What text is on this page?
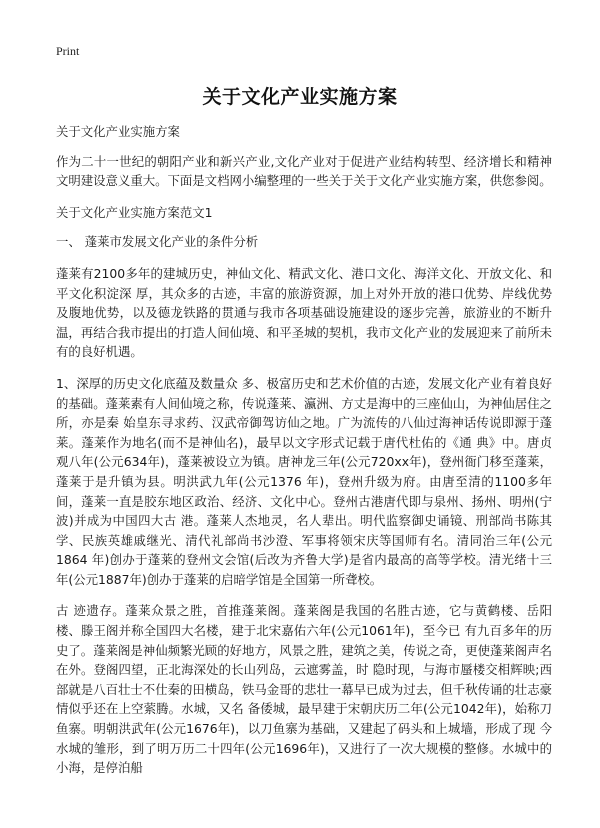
Print
关于文化产业实施方案

关于文化产业实施方案

作为二十一世纪的朝阳产业和新兴产业,文化产业对于促进产业结构转型、经济增长和精神文明建设意义重大。下面是文档网小编整理的一些关于关于文化产业实施方案，供您参阅。

关于文化产业实施方案范文1

一、 蓬莱市发展文化产业的条件分析

蓬莱有2100多年的建城历史，神仙文化、精武文化、港口文化、海洋文化、开放文化、和平文化积淀深 厚，其众多的古迹，丰富的旅游资源，加上对外开放的港口优势、岸线优势及腹地优势，以及德龙铁路的贯通与我市各项基础设施建设的逐步完善，旅游业的不断升 温，再结合我市提出的打造人间仙境、和平圣城的契机，我市文化产业的发展迎来了前所未有的良好机遇。

1、深厚的历史文化底蕴及数量众 多、极富历史和艺术价值的古迹，发展文化产业有着良好的基础。蓬莱素有人间仙境之称，传说蓬莱、瀛洲、方丈是海中的三座仙山，为神仙居住之所，亦是秦 始皇东寻求药、汉武帝御驾访仙之地。广为流传的八仙过海神话传说即源于蓬莱。蓬莱作为地名(而不是神仙名)，最早以文字形式记载于唐代杜佑的《通 典》中。唐贞观八年(公元634年)，蓬莱被设立为镇。唐神龙三年(公元720xx年)，登州衙门移至蓬莱，蓬莱于是升镇为县。明洪武九年(公元1376 年)，登州升级为府。由唐至清的1100多年间，蓬莱一直是胶东地区政治、经济、文化中心。登州古港唐代即与泉州、扬州、明州(宁波)并成为中国四大古 港。蓬莱人杰地灵，名人辈出。明代监察御史诵镜、刑部尚书陈其学、民族英雄戚继光、清代礼部尚书沙澄、军事将领宋庆等国师有名。清同治三年(公元1864 年)创办于蓬莱的登州文会馆(后改为齐鲁大学)是省内最高的高等学校。清光绪十三年(公元1887年)创办于蓬莱的启暗学馆是全国第一所聋校。

古 迹遗存。蓬莱众景之胜，首推蓬莱阁。蓬莱阁是我国的名胜古迹，它与黄鹤楼、岳阳楼、滕王阁并称全国四大名楼，建于北宋嘉佑六年(公元1061年)，至今已 有九百多年的历史了。蓬莱阁是神仙频繁光顾的好地方，风景之胜，建筑之美，传说之奇，更使蓬莱阁声名在外。登阁四望，正北海深处的长山列岛，云遮雾盖，时 隐时现，与海市蜃楼交相辉映;西部就是八百壮士不仕秦的田横岛，铁马金哥的悲壮一幕早已成为过去，但千秋传诵的壮志豪情似乎还在上空萦腾。水城，又名 备倭城，最早建于宋朝庆历二年(公元1042年)，始称刀鱼寨。明朝洪武年(公元1676年)，以刀鱼寨为基础，又建起了码头和上城墙，形成了现 今水城的雏形，到了明万历二十四年(公元1696年)，又进行了一次大规模的整修。水城中的小海，是停泊船
